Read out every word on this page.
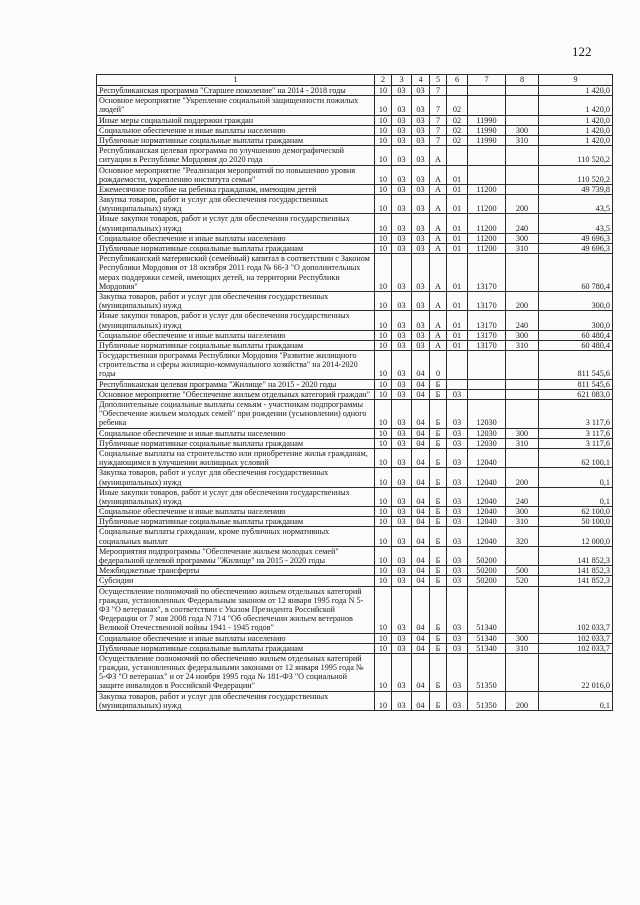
122
1	2	3	4	5	6	7	8	9
Республиканская программа "Старшее поколение" на 2014 - 2018 годы	10	03	03	7				1 420,0
Основное мероприятие "Укрепление социальной защищенности пожилых людей"	10	03	03	7	02			1 420,0
Иные меры социальной поддержки граждан	10	03	03	7	02	11990		1 420,0
Социальное обеспечение и иные выплаты населению	10	03	03	7	02	11990	300	1 420,0
Публичные нормативные социальные выплаты гражданам	10	03	03	7	02	11990	310	1 420,0
Республиканская целевая программа по улучшению демографической ситуации в Республике Мордовия до 2020 года	10	03	03	А				110 520,2
Основное мероприятие "Реализация мероприятий по повышению уровня рождаемости, укреплению института семьи"	10	03	03	А	01			110 520,2
Ежемесячное пособие на ребенка гражданам, имеющим детей	10	03	03	А	01	11200		49 739,8
Закупка товаров, работ и услуг для обеспечения государственных (муниципальных) нужд	10	03	03	А	01	11200	200	43,5
Иные закупки товаров, работ и услуг для обеспечения государственных (муниципальных) нужд	10	03	03	А	01	11200	240	43,5
Социальное обеспечение и иные выплаты населению	10	03	03	А	01	11200	300	49 696,3
Публичные нормативные социальные выплаты гражданам	10	03	03	А	01	11200	310	49 696,3
Республиканский материнский (семейный) капитал в соответствии с Законом Республики Мордовия от 18 октября 2011 года № 66-З "О дополнительных мерах поддержки семей, имеющих детей, на территории Республики Мордовия"	10	03	03	А	01	13170		60 780,4
Закупка товаров, работ и услуг для обеспечения государственных (муниципальных) нужд	10	03	03	А	01	13170	200	300,0
Иные закупки товаров, работ и услуг для обеспечения государственных (муниципальных) нужд	10	03	03	А	01	13170	240	300,0
Социальное обеспечение и иные выплаты населению	10	03	03	А	01	13170	300	60 480,4
Публичные нормативные социальные выплаты гражданам	10	03	03	А	01	13170	310	60 480,4
Государственная программа Республики Мордовия "Развитие жилищного строительства и сферы жилищно-коммунального хозяйства" на 2014-2020 годы	10	03	04	0				811 545,6
Республиканская целевая программа "Жилище" на 2015 - 2020 годы	10	03	04	Б				811 545,6
Основное мероприятие "Обеспечение жильем отдельных категорий граждан"	10	03	04	Б	03			621 083,0
Дополнительные социальные выплаты семьям - участникам подпрограммы "Обеспечение жильем молодых семей" при рождении (усыновлении) одного ребенка	10	03	04	Б	03	12030		3 117,6
Социальное обеспечение и иные выплаты населению	10	03	04	Б	03	12030	300	3 117,6
Публичные нормативные социальные выплаты гражданам	10	03	04	Б	03	12030	310	3 117,6
Социальные выплаты на строительство или приобретение жилья гражданам, нуждающимся в улучшении жилищных условий	10	03	04	Б	03	12040		62 100,1
Закупка товаров, работ и услуг для обеспечения государственных (муниципальных) нужд	10	03	04	Б	03	12040	200	0,1
Иные закупки товаров, работ и услуг для обеспечения государственных (муниципальных) нужд	10	03	04	Б	03	12040	240	0,1
Социальное обеспечение и иные выплаты населению	10	03	04	Б	03	12040	300	62 100,0
Публичные нормативные социальные выплаты гражданам	10	03	04	Б	03	12040	310	50 100,0
Социальные выплаты гражданам, кроме публичных нормативных социальных выплат	10	03	04	Б	03	12040	320	12 000,0
Мероприятия подпрограммы "Обеспечение жильем молодых семей" федеральной целевой программы "Жилище" на 2015 - 2020 годы	10	03	04	Б	03	50200		141 852,3
Межбюджетные трансферты	10	03	04	Б	03	50200	500	141 852,3
Субсидии	10	03	04	Б	03	50200	520	141 852,3
Осуществление полномочий по обеспечению жильем отдельных категорий граждан, установленных Федеральным законом от 12 января 1995 года N 5-ФЗ "О ветеранах", в соответствии с Указом Президента Российской Федерации от 7 мая 2008 года N 714 "Об обеспечении жильем ветеранов Великой Отечественной войны 1941 - 1945 годов"	10	03	04	Б	03	51340		102 033,7
Социальное обеспечение и иные выплаты населению	10	03	04	Б	03	51340	300	102 033,7
Публичные нормативные социальные выплаты гражданам	10	03	04	Б	03	51340	310	102 033,7
Осуществление полномочий по обеспечению жильем отдельных категорий граждан, установленных федеральными законами от 12 января 1995 года № 5-ФЗ "О ветеранах" и от 24 ноября 1995 года № 181-ФЗ "О социальной защите инвалидов в Российской Федерации"	10	03	04	Б	03	51350		22 016,0
Закупка товаров, работ и услуг для обеспечения государственных (муниципальных) нужд	10	03	04	Б	03	51350	200	0,1
